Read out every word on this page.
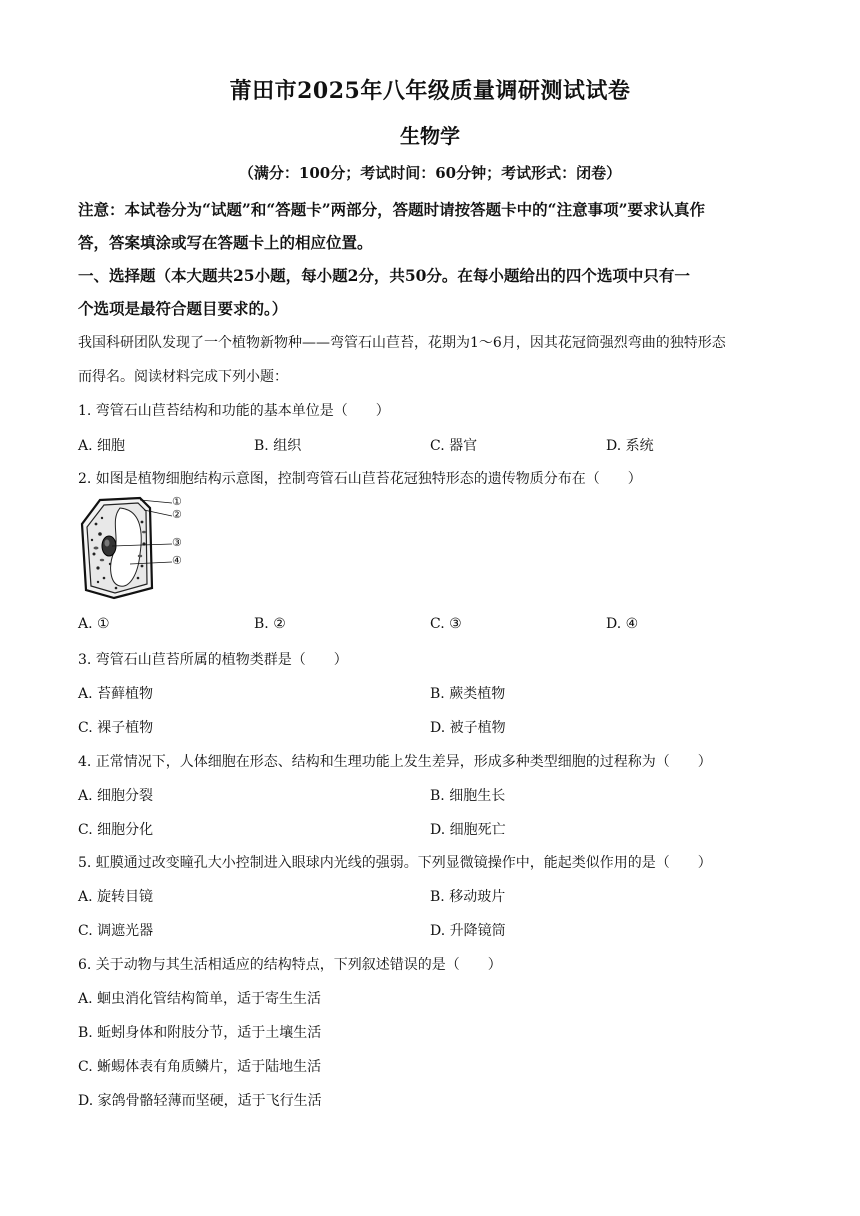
莆田市2025年八年级质量调研测试试卷
生物学
（满分：100分；考试时间：60分钟；考试形式：闭卷）
注意：本试卷分为“试题”和“答题卡”两部分，答题时请按答题卡中的“注意事项”要求认真作
答，答案填涂或写在答题卡上的相应位置。
一、选择题（本大题共25小题，每小题2分，共50分。在每小题给出的四个选项中只有一
个选项是最符合题目要求的。）
我国科研团队发现了一个植物新物种——弯管石山苣苔，花期为1～6月，因其花冠筒强烈弯曲的独特形态
而得名。阅读材料完成下列小题：
1. 弯管石山苣苔结构和功能的基本单位是（　　）
A. 细胞	B. 组织	C. 器官	D. 系统
2. 如图是植物细胞结构示意图，控制弯管石山苣苔花冠独特形态的遗传物质分布在（　　）
①
②
③
④
A. ①	B. ②	C. ③	D. ④
3. 弯管石山苣苔所属的植物类群是（　　）
A. 苔藓植物	B. 蕨类植物
C. 裸子植物	D. 被子植物
4. 正常情况下，人体细胞在形态、结构和生理功能上发生差异，形成多种类型细胞的过程称为（　　）
A. 细胞分裂	B. 细胞生长
C. 细胞分化	D. 细胞死亡
5. 虹膜通过改变瞳孔大小控制进入眼球内光线的强弱。下列显微镜操作中，能起类似作用的是（　　）
A. 旋转目镜	B. 移动玻片
C. 调遮光器	D. 升降镜筒
6. 关于动物与其生活相适应的结构特点，下列叙述错误的是（　　）
A. 蛔虫消化管结构简单，适于寄生生活
B. 蚯蚓身体和附肢分节，适于土壤生活
C. 蜥蜴体表有角质鳞片，适于陆地生活
D. 家鸽骨骼轻薄而坚硬，适于飞行生活
